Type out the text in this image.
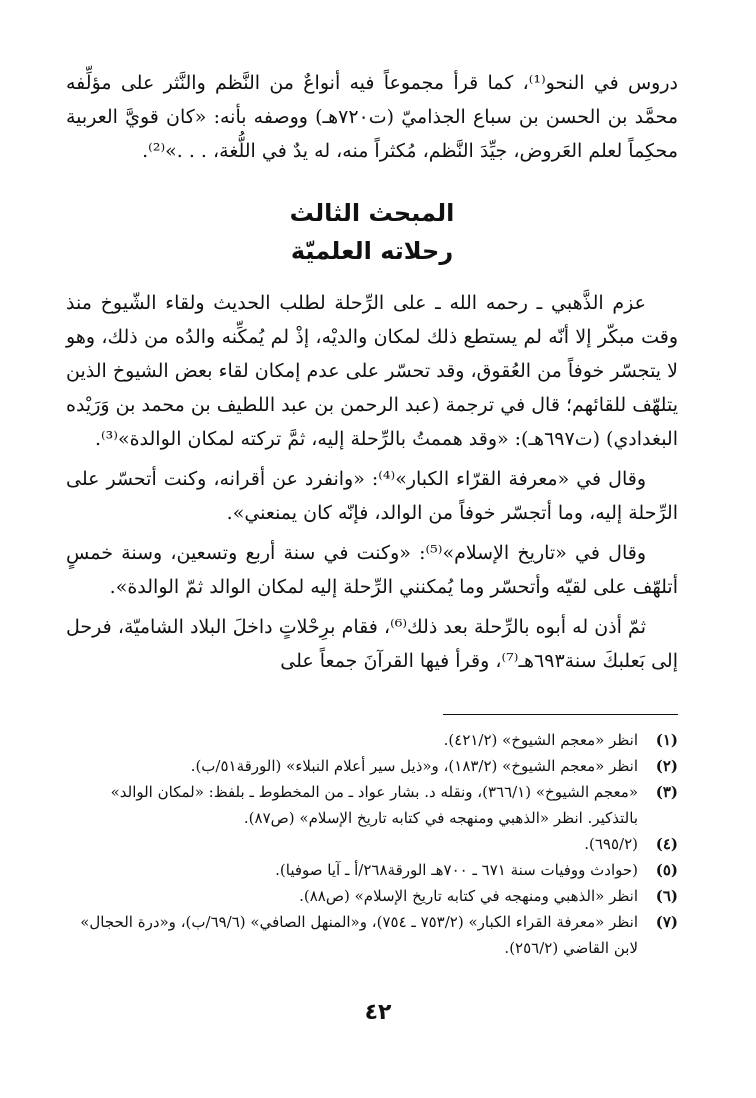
دروس في النحو⁽¹⁾، كما قرأ مجموعاً فيه أنواعٌ من النَّظم والنَّثر على مؤلِّفه محمَّد بن الحسن بن سباع الجذاميّ (ت٧٢٠هـ) ووصفه بأنه: «كان قويَّ العربية محكِماً لعلم العَروض، جيِّدَ النَّظم، مُكثراً منه، له يدٌ في اللُّغة، . . .»⁽²⁾.

المبحث الثالث

رحلاته العلميّة

عزم الذَّهبي ـ رحمه الله ـ على الرِّحلة لطلب الحديث ولقاء الشّيوخ منذ وقت مبكّر إلا أنّه لم يستطع ذلك لمكان والديْه، إذْ لم يُمكِّنه والدُه من ذلك، وهو لا يتجسّر خوفاً من العُقوق، وقد تحسّر على عدم إمكان لقاء بعض الشيوخ الذين يتلهّف للقائهم؛ قال في ترجمة (عبد الرحمن بن عبد اللطيف بن محمد بن وَرَيْده البغدادي) (ت٦٩٧هـ): «وقد هممتُ بالرِّحلة إليه، ثمَّ تركته لمكان الوالدة»⁽³⁾.

وقال في «معرفة القرّاء الكبار»⁽⁴⁾: «وانفرد عن أقرانه، وكنت أتحسّر على الرِّحلة إليه، وما أتجسّر خوفاً من الوالد، فإنّه كان يمنعني».

وقال في «تاريخ الإسلام»⁽⁵⁾: «وكنت في سنة أربع وتسعين، وسنة خمسٍ أتلهّف على لقيّه وأتحسّر وما يُمكنني الرِّحلة إليه لمكان الوالد ثمّ الوالدة».

ثمّ أذن له أبوه بالرِّحلة بعد ذلك⁽⁶⁾، فقام برِحْلاتٍ داخلَ البلاد الشاميّة، فرحل إلى بَعلبكَ سنة٦٩٣هـ⁽⁷⁾، وقرأ فيها القرآنَ جمعاً على

(١)
انظر «معجم الشيوخ» (٤٢١/٢).
(٢)
انظر «معجم الشيوخ» (١٨٣/٢)، و«ذيل سير أعلام النبلاء» (الورقة٥١/ب).
(٣)
«معجم الشيوخ» (٣٦٦/١)، ونقله د. بشار عواد ـ من المخطوط ـ بلفظ: «لمكان الوالد» بالتذكير. انظر «الذهبي ومنهجه في كتابه تاريخ الإسلام» (ص٨٧).
(٤)
(٦٩٥/٢).
(٥)
(حوادث ووفيات سنة ٦٧١ ـ ٧٠٠هـ الورقة٢٦٨/أ ـ آيا صوفيا).
(٦)
انظر «الذهبي ومنهجه في كتابه تاريخ الإسلام» (ص٨٨).
(٧)
انظر «معرفة القراء الكبار» (٧٥٣/٢ ـ ٧٥٤)، و«المنهل الصافي» (٦٩/٦/ب)، و«درة الحجال» لابن القاضي (٢٥٦/٢).
٤٢
